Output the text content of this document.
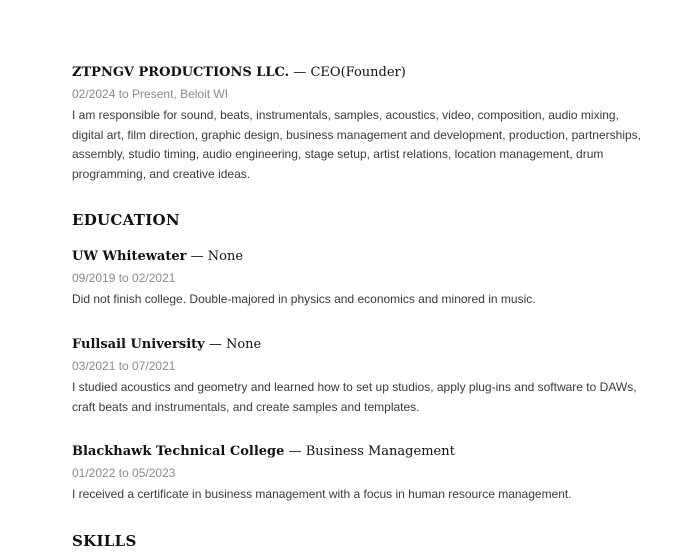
ZTPNGV PRODUCTIONS LLC. — CEO(Founder)
02/2024 to Present, Beloit WI
I am responsible for sound, beats, instrumentals, samples, acoustics, video, composition, audio mixing, digital art, film direction, graphic design, business management and development, production, partnerships, assembly, studio timing, audio engineering, stage setup, artist relations, location management, drum programming, and creative ideas.
EDUCATION
UW Whitewater — None
09/2019 to 02/2021
Did not finish college. Double-majored in physics and economics and minored in music.
Fullsail University — None
03/2021 to 07/2021
I studied acoustics and geometry and learned how to set up studios, apply plug-ins and software to DAWs, craft beats and instrumentals, and create samples and templates.
Blackhawk Technical College — Business Management
01/2022 to 05/2023
I received a certificate in business management with a focus in human resource management.
SKILLS
